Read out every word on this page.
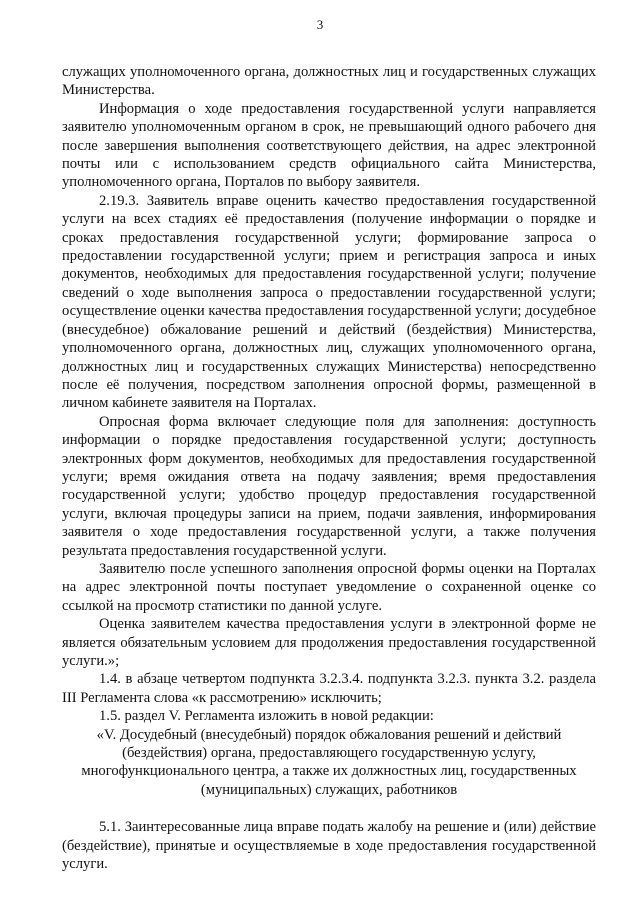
3

служащих уполномоченного органа, должностных лиц и государственных служащих Министерства.

Информация о ходе предоставления государственной услуги направляется заявителю уполномоченным органом в срок, не превышающий одного рабочего дня после завершения выполнения соответствующего действия, на адрес электронной почты или с использованием средств официального сайта Министерства, уполномоченного органа, Порталов по выбору заявителя.

2.19.3. Заявитель вправе оценить качество предоставления государственной услуги на всех стадиях её предоставления (получение информации о порядке и сроках предоставления государственной услуги; формирование запроса о предоставлении государственной услуги; прием и регистрация запроса и иных документов, необходимых для предоставления государственной услуги; получение сведений о ходе выполнения запроса о предоставлении государственной услуги; осуществление оценки качества предоставления государственной услуги; досудебное (внесудебное) обжалование решений и действий (бездействия) Министерства, уполномоченного органа, должностных лиц, служащих уполномоченного органа, должностных лиц и государственных служащих Министерства) непосредственно после её получения, посредством заполнения опросной формы, размещенной в личном кабинете заявителя на Порталах.

Опросная форма включает следующие поля для заполнения: доступность информации о порядке предоставления государственной услуги; доступность электронных форм документов, необходимых для предоставления государственной услуги; время ожидания ответа на подачу заявления; время предоставления государственной услуги; удобство процедур предоставления государственной услуги, включая процедуры записи на прием, подачи заявления, информирования заявителя о ходе предоставления государственной услуги, а также получения результата предоставления государственной услуги.

Заявителю после успешного заполнения опросной формы оценки на Порталах на адрес электронной почты поступает уведомление о сохраненной оценке со ссылкой на просмотр статистики по данной услуге.

Оценка заявителем качества предоставления услуги в электронной форме не является обязательным условием для продолжения предоставления государственной услуги.»;

1.4. в абзаце четвертом подпункта 3.2.3.4. подпункта 3.2.3. пункта 3.2. раздела III Регламента слова «к рассмотрению» исключить;

1.5. раздел V. Регламента изложить в новой редакции:

«V. Досудебный (внесудебный) порядок обжалования решений и действий (бездействия) органа, предоставляющего государственную услугу, многофункционального центра, а также их должностных лиц, государственных (муниципальных) служащих, работников

5.1. Заинтересованные лица вправе подать жалобу на решение и (или) действие (бездействие), принятые и осуществляемые в ходе предоставления государственной услуги.
